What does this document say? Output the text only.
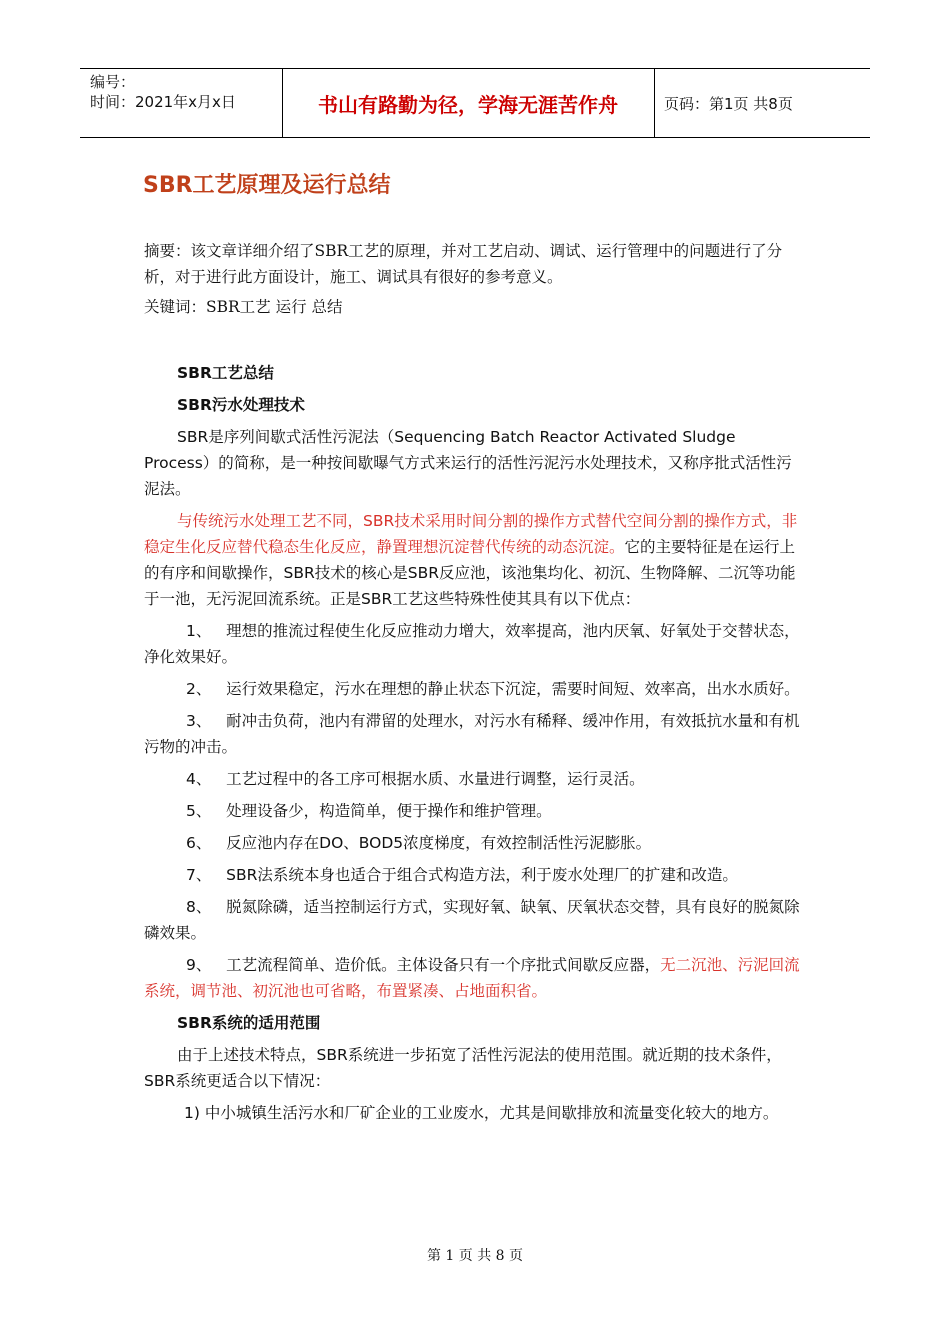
编号：
时间：2021年x月x日	书山有路勤为径，学海无涯苦作舟	页码：第1页 共8页
SBR工艺原理及运行总结

摘要：该文章详细介绍了SBR工艺的原理，并对工艺启动、调试、运行管理中的问题进行了分析，对于进行此方面设计，施工、调试具有很好的参考意义。

关键词：SBR工艺 运行 总结

SBR工艺总结
SBR污水处理技术

SBR是序列间歇式活性污泥法（Sequencing Batch Reactor Activated Sludge Process）的简称，是一种按间歇曝气方式来运行的活性污泥污水处理技术，又称序批式活性污泥法。

与传统污水处理工艺不同，SBR技术采用时间分割的操作方式替代空间分割的操作方式，非稳定生化反应替代稳态生化反应，静置理想沉淀替代传统的动态沉淀。它的主要特征是在运行上的有序和间歇操作，SBR技术的核心是SBR反应池，该池集均化、初沉、生物降解、二沉等功能于一池，无污泥回流系统。正是SBR工艺这些特殊性使其具有以下优点：

1、 理想的推流过程使生化反应推动力增大，效率提高，池内厌氧、好氧处于交替状态，净化效果好。

2、 运行效果稳定，污水在理想的静止状态下沉淀，需要时间短、效率高，出水水质好。

3、 耐冲击负荷，池内有滞留的处理水，对污水有稀释、缓冲作用，有效抵抗水量和有机污物的冲击。

4、 工艺过程中的各工序可根据水质、水量进行调整，运行灵活。

5、 处理设备少，构造简单，便于操作和维护管理。

6、 反应池内存在DO、BOD5浓度梯度，有效控制活性污泥膨胀。

7、 SBR法系统本身也适合于组合式构造方法，利于废水处理厂的扩建和改造。

8、 脱氮除磷，适当控制运行方式，实现好氧、缺氧、厌氧状态交替，具有良好的脱氮除磷效果。

9、 工艺流程简单、造价低。主体设备只有一个序批式间歇反应器，无二沉池、污泥回流系统，调节池、初沉池也可省略，布置紧凑、占地面积省。

SBR系统的适用范围

由于上述技术特点，SBR系统进一步拓宽了活性污泥法的使用范围。就近期的技术条件，SBR系统更适合以下情况：

1) 中小城镇生活污水和厂矿企业的工业废水，尤其是间歇排放和流量变化较大的地方。

第 1 页 共 8 页
